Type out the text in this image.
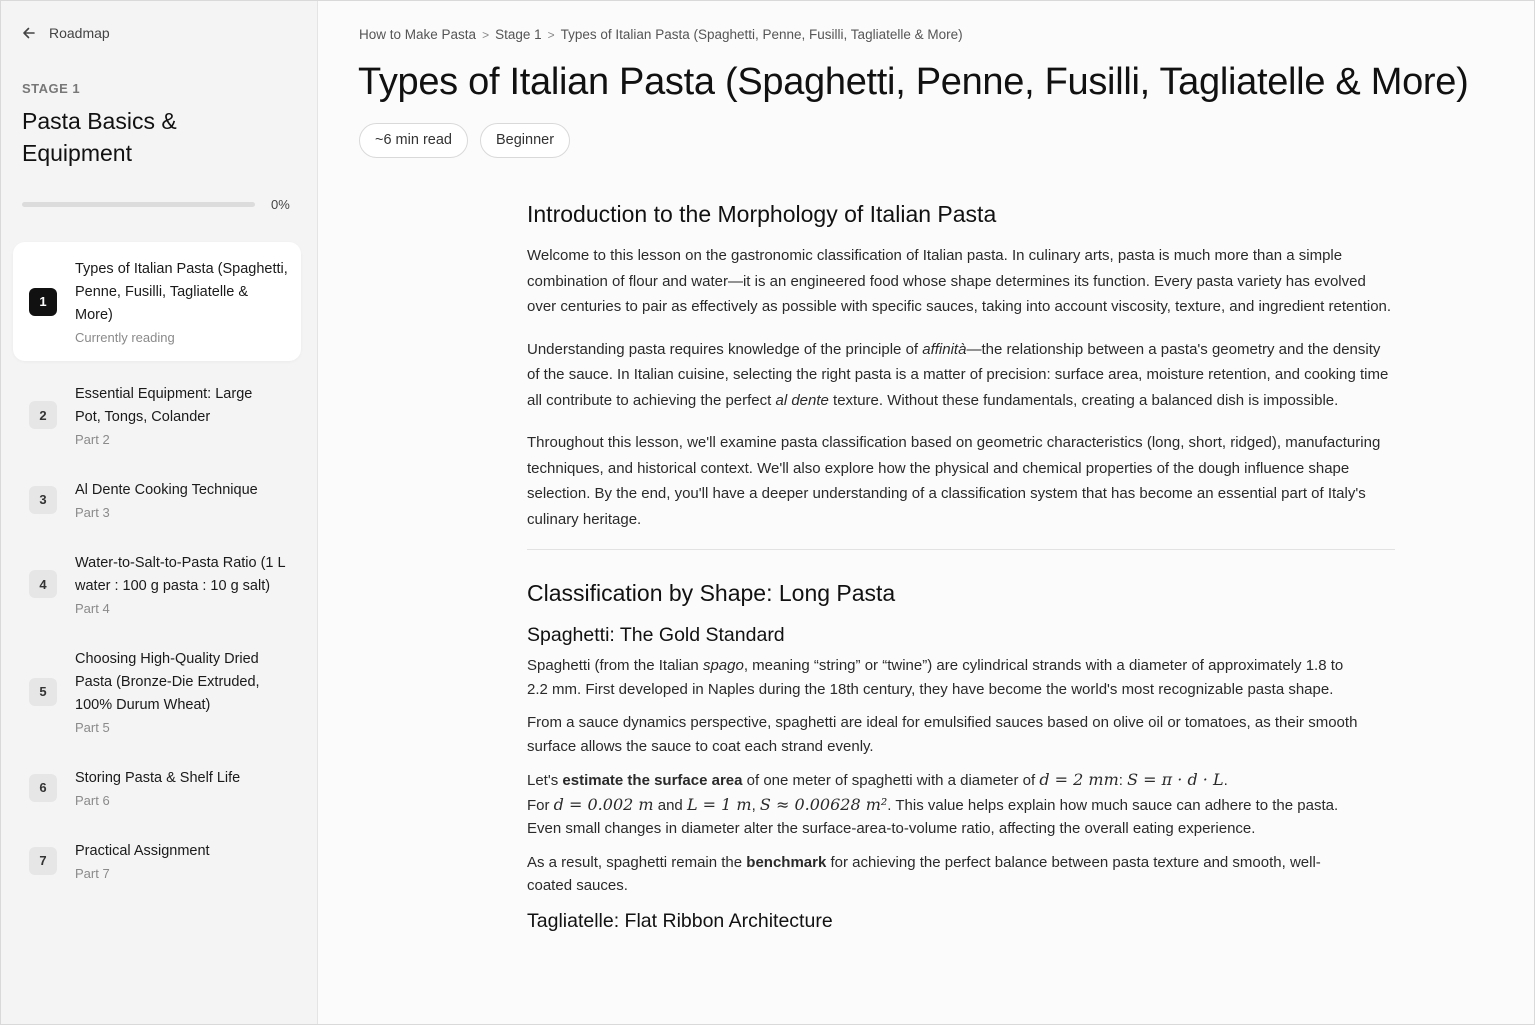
Roadmap
STAGE 1
Pasta Basics & Equipment
0%
1
Types of Italian Pasta (Spaghetti, Penne, Fusilli, Tagliatelle & More)
Currently reading
2
Essential Equipment: Large Pot, Tongs, Colander
Part 2
3
Al Dente Cooking Technique
Part 3
4
Water-to-Salt-to-Pasta Ratio (1 L water : 100 g pasta : 10 g salt)
Part 4
5
Choosing High-Quality Dried Pasta (Bronze-Die Extruded, 100% Durum Wheat)
Part 5
6
Storing Pasta & Shelf Life
Part 6
7
Practical Assignment
Part 7
How to Make Pasta > Stage 1 > Types of Italian Pasta (Spaghetti, Penne, Fusilli, Tagliatelle & More)
Types of Italian Pasta (Spaghetti, Penne, Fusilli, Tagliatelle & More)
~6 min read	Beginner
Introduction to the Morphology of Italian Pasta

Welcome to this lesson on the gastronomic classification of Italian pasta. In culinary arts, pasta is much more than a simple combination of flour and water—it is an engineered food whose shape determines its function. Every pasta variety has evolved over centuries to pair as effectively as possible with specific sauces, taking into account viscosity, texture, and ingredient retention.

Understanding pasta requires knowledge of the principle of affinità—the relationship between a pasta's geometry and the density of the sauce. In Italian cuisine, selecting the right pasta is a matter of precision: surface area, moisture retention, and cooking time all contribute to achieving the perfect al dente texture. Without these fundamentals, creating a balanced dish is impossible.

Throughout this lesson, we'll examine pasta classification based on geometric characteristics (long, short, ridged), manufacturing techniques, and historical context. We'll also explore how the physical and chemical properties of the dough influence shape selection. By the end, you'll have a deeper understanding of a classification system that has become an essential part of Italy's culinary heritage.

Classification by Shape: Long Pasta
Spaghetti: The Gold Standard

Spaghetti (from the Italian spago, meaning “string” or “twine”) are cylindrical strands with a diameter of approximately 1.8 to 2.2 mm. First developed in Naples during the 18th century, they have become the world's most recognizable pasta shape.

From a sauce dynamics perspective, spaghetti are ideal for emulsified sauces based on olive oil or tomatoes, as their smooth surface allows the sauce to coat each strand evenly.

Let's estimate the surface area of one meter of spaghetti with a diameter of d = 2 mm: S = π · d · L.
For d = 0.002 m and L = 1 m, S ≈ 0.00628 m². This value helps explain how much sauce can adhere to the pasta.
Even small changes in diameter alter the surface-area-to-volume ratio, affecting the overall eating experience.

As a result, spaghetti remain the benchmark for achieving the perfect balance between pasta texture and smooth, well-coated sauces.

Tagliatelle: Flat Ribbon Architecture
